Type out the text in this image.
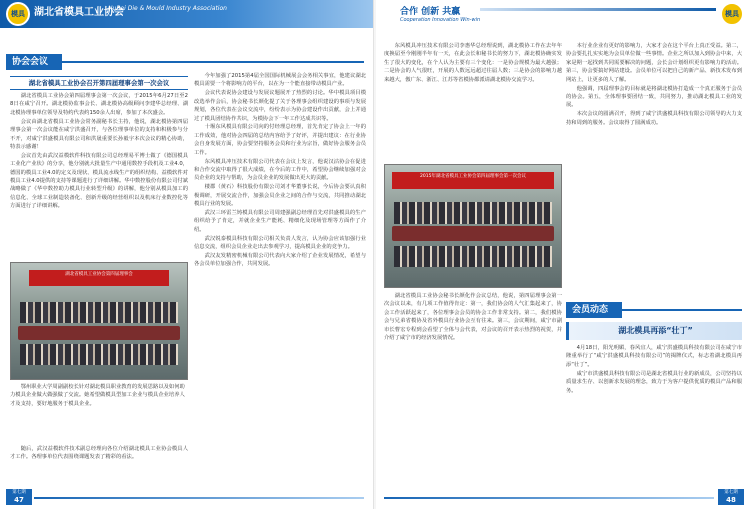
模具 湖北省模具工业协会
HuBei Die & Mould Industry Association
协会会议
湖北省模具工业协会召开第四届理事会第一次会议

湖北省模具工业协会第四届理事会第一次会议，于2015年6月27日至28日在咸宁召开。湖北模协监事会长、湖北模协高级顾问李建华总经理、湖北模协理事单位领导及特约代表约150余人出席，参加了本次盛会。

会议由湖北省模具工业协会常务副秘书长主持，他说，湖北模协第四届理事会第一次会议能在咸宁洪盛召开，与各位理事单位的支持和积极参与分不开，对咸宁洪盛模具有限公司和洪晟重要长孙毅宇本次会议的精心协助，特表示感谢！

会议首先由武汉益模软件科技有限公司总经理易平博士做了《德国模具工业化产业状》的分享，他分别就大批量生产中通用数控手段机及工业4.0，德国的模具工业4.0的定义及现状、模具流水线生产的组织结构、益模软件对模具工业4.0提供的支持等课题进行了详细讲解。华中数控股份有限公司付斌战略做了《华中数控助力模具行业转型升级》的讲解，他分别从模具加工的信息化、全球工业制造装备化、创新升级的经营组织以及机床行业数控化等方面进行了详细讲解。

湖北省模具工业协会第四届理事会
鄂州职业大学周副副校长针对湖北模具职业教育的发展思路以及如何助力模具企业做大做强做了交流。她希望做模具型加工企业与模具企业培养人才及支持，要好地服务于模具企业。

随后，武汉益模软件技术副总经理向各位介绍湖北模具工业协会模具人才工作。各理事单位代表围绕课题发表了精彩的看法。

今年加强了2015第4届全国国际机械展会会务相关事宜，他建议湖北模具需要一个将影响力的平台，以在为一个能直接带动模具产业。

会议代表说协会建设与发展议题展开了热烈的讨论。华中模具项目模改选举作会后，协会秘书长颜化提了关于各理事会组织建设的事项与发展规划，各位代表在会议交流中，纷纷表示为协会建设作出贡献，会上并通过了模具团结协作共识，为模协会下一年工作达成共识等。

十堰东风模具有限公司向的付经理总经理，首先肯定了协会上一年的工作成效，他对协会四届的总结内容给予了好评，并提出建议：在行业协会自身发展方面，协会要坚持服务会员和行业为宗旨，做好协会服务会员工作。

东风模具冲压技术有限公司代表在会议上发言，他说汉沽协会在促进和合作交流中取得了很大成绩，在今后的工作中，希望协会继续加强对会员企业的支持与帮助，为会员企业的发展做出更大的贡献。

楼郡（黄石）科技股份有限公司刘才华董事长说，今后协会要认真积极调研，开展交流合作，加强会员企业之间的合作与交流，共同推动湖北模具行业的发展。

武汉三环雷兰铸模具有限公司周建强副总经理首先对洪盛模具的生产组织给予了肯定，并就企业生产能耗、精细化及现场管理等方面作了介绍。

武汉锐泰模具科技有限公司相关负责人发言，认为协会应该加强行业信息交流，组织会员企业走出去参观学习，提高模具企业的竞争力。

武汉友发精密机械有限公司代表向大家介绍了企业发展情况，希望与各会员单位加强合作，共同发展。

第七期
47
合作 创新 共赢
Cooperation Innovation Win-win
模具

东风模具冲压技术有限公司李惠华总经理说到，湖北模协工作在去年年度换届至今刚刚半年有一天，在此会长和秘书长的努力下，湖北模协确实发生了很大的变化，在个人认为主要有三个变化：一是协会规模为最大越强；二是协会的人气很旺，开展的人数远远超过往届人数；三是协会的影响力越来越大，傲广东、浙江、江苏等省模协都派请湖北模协交流学习。

2015年湖北省模具工业协会第四届理事会第一次会议

湖北省模具工业协会秘书长颜化作会议总结，他说，第四届理事会第一次会议以来，有几项工作值得肯定：第一，我们协会的人气汇集起来了，协会工作活跃起来了，各位理事会会员的协会工作非常支持。第二，我们模协会与兄弟省模协及省外模具行业协会互有往来。第三，会议期间，咸宁市副市长曹宏专程到会看望了全体与会代表，对会议的召开表示热烈的祝贺，并介绍了咸宁市的经济发展情况。

本行业企业有更好的影响力，大家才会在这个平台上真正受益。第二，协会要扎扎实实地为会员单位做一些事情。企业之所以加入到协会中来，大家是期一起找到共同需要解决的问题，会长会计划组织更有影响力的活动。第三，协会要搞好网站建设。会员单位可以把自己的新产品、新技术发布到网站上，让更多的人了解。

他强调，四届理事会的目标就是将湖北模协打造成一个真正服务于会员的协会。第五，全体理事要团结一致，共同努力，推动湖北模具工业的发展。

本次会议的圆满召开，得到了咸宁洪盛模具科技有限公司领导的大力支持和周到的服务。会议取得了圆满成功。

会员动态
湖北模具再添“壮丁”

4月18日，阳光明媚，春风宜人，咸宁洪盛模具科技有限公司在咸宁市隆重举行了“咸宁洪盛模具科技有限公司”的揭牌仪式，标志着湖北模具再添“壮丁”。

咸宁市洪盛模具科技有限公司是湖北省模具行业的新成员，公司坚持以质量求生存、以创新求发展的理念，致力于为客户提供优质的模具产品和服务。

第七期
48
